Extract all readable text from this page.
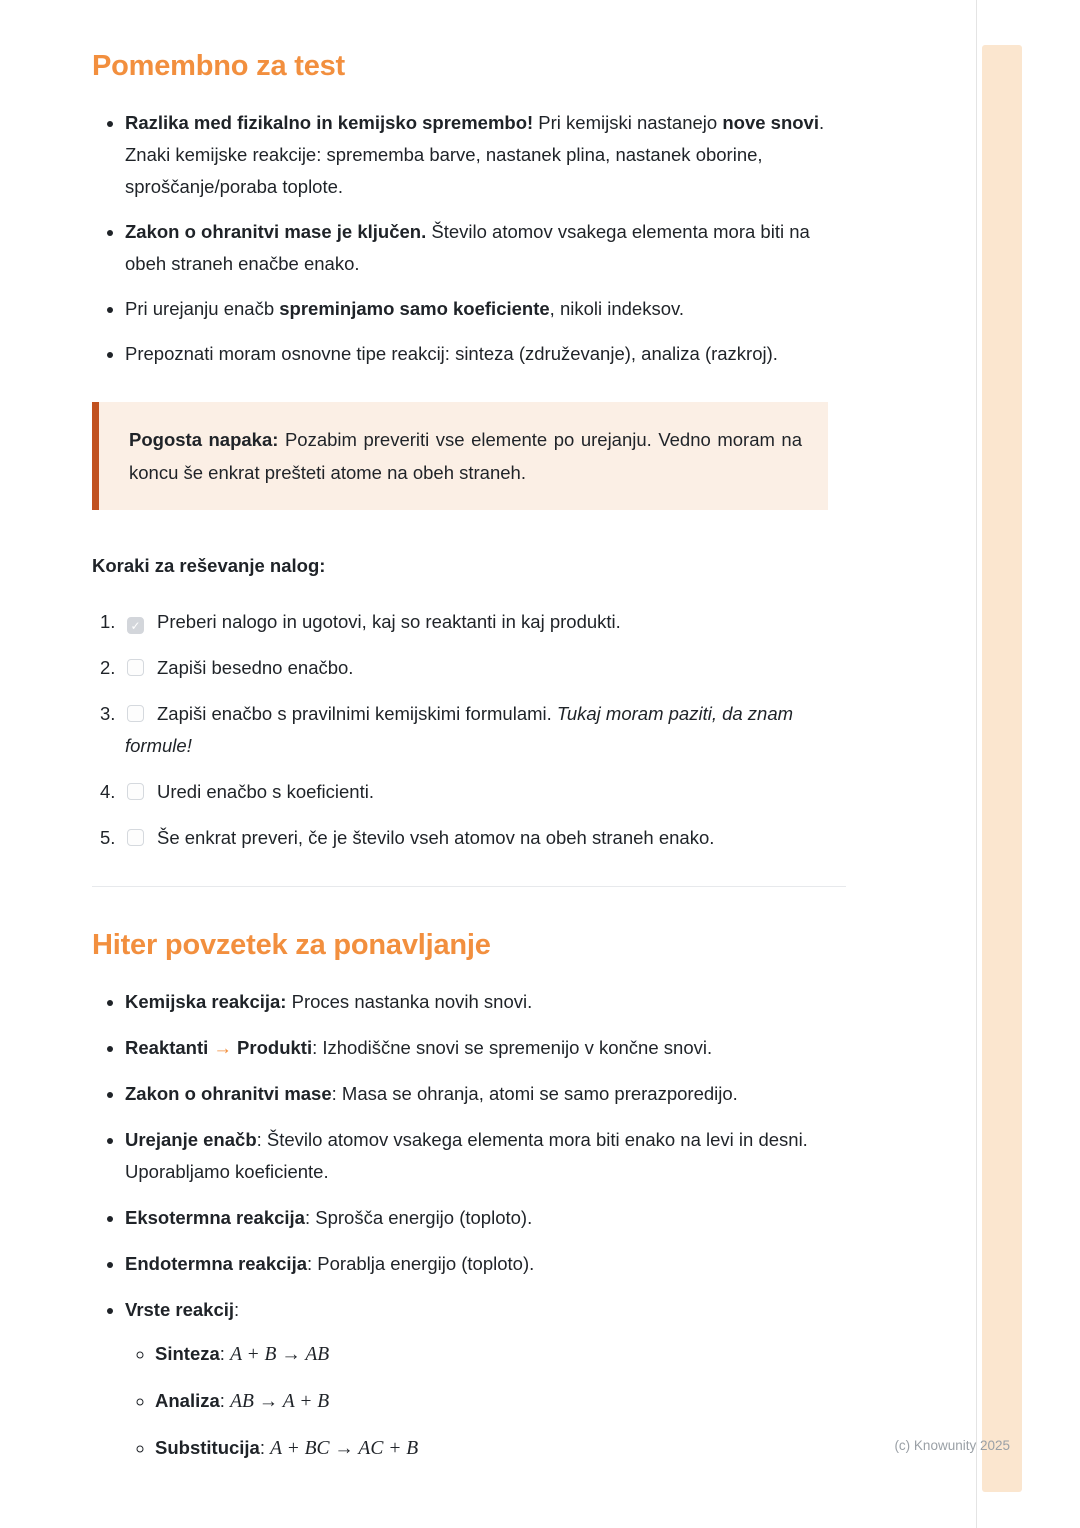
Pomembno za test
• Razlika med fizikalno in kemijsko spremembo! Pri kemijski nastanejo nove snovi. Znaki kemijske reakcije: sprememba barve, nastanek plina, nastanek oborine, sproščanje/poraba toplote.
• Zakon o ohranitvi mase je ključen. Število atomov vsakega elementa mora biti na obeh straneh enačbe enako.
• Pri urejanju enačb spreminjamo samo koeficiente, nikoli indeksov.
• Prepoznati moram osnovne tipe reakcij: sinteza (združevanje), analiza (razkroj).
Pogosta napaka: Pozabim preveriti vse elemente po urejanju. Vedno moram na koncu še enkrat prešteti atome na obeh straneh.

Koraki za reševanje nalog:

1. ✓ Preberi nalogo in ugotovi, kaj so reaktanti in kaj produkti.
2. Zapiši besedno enačbo.
3. Zapiši enačbo s pravilnimi kemijskimi formulami. Tukaj moram paziti, da znam formule!
4. Uredi enačbo s koeficienti.
5. Še enkrat preveri, če je število vseh atomov na obeh straneh enako.
Hiter povzetek za ponavljanje
• Kemijska reakcija: Proces nastanka novih snovi.
• Reaktanti → Produkti: Izhodiščne snovi se spremenijo v končne snovi.
• Zakon o ohranitvi mase: Masa se ohranja, atomi se samo prerazporedijo.
• Urejanje enačb: Število atomov vsakega elementa mora biti enako na levi in desni. Uporabljamo koeficiente.
• Eksotermna reakcija: Sprošča energijo (toploto).
• Endotermna reakcija: Porablja energijo (toploto).
• Vrste reakcij:
◦ Sinteza: A + B → AB
◦ Analiza: AB → A + B
◦ Substitucija: A + BC → AC + B	(c) Knowunity 2025
